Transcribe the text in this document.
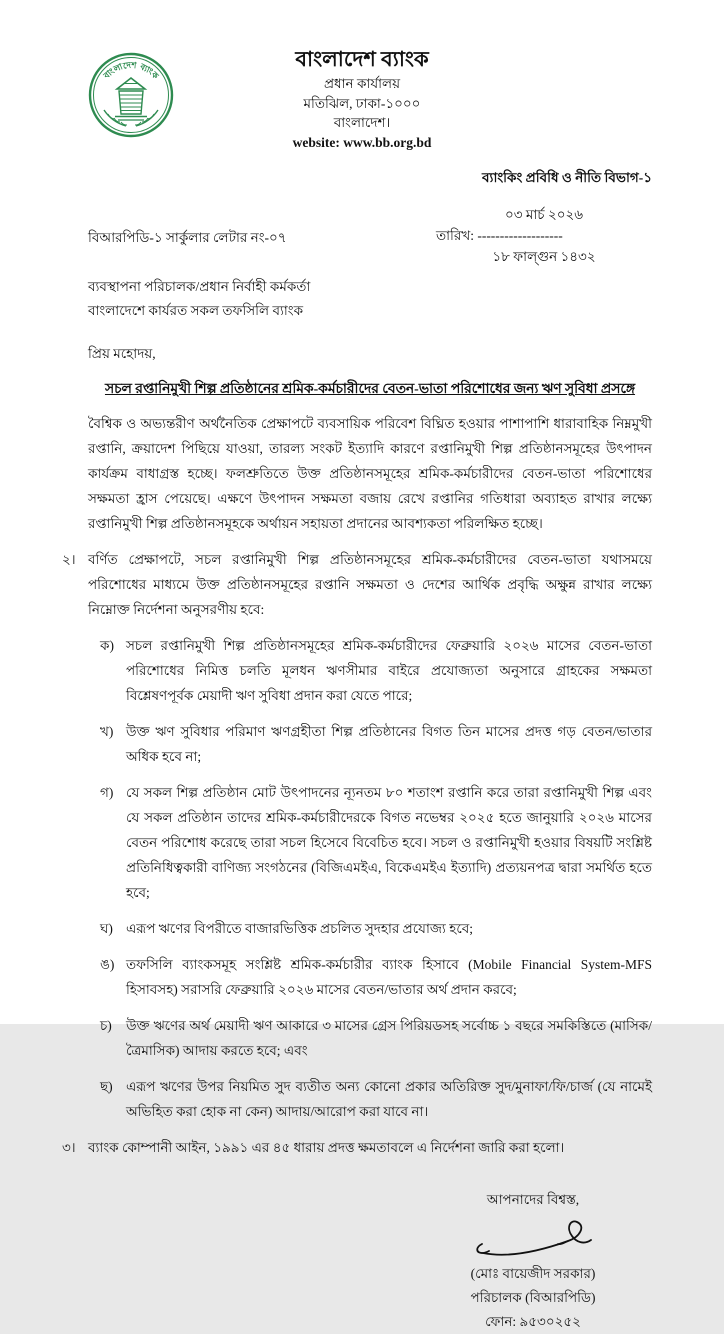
বাংলাদেশ ব্যাংক
বাংলাদেশ ব্যাংক
প্রধান কার্যালয়
মতিঝিল, ঢাকা-১০০০
বাংলাদেশ।
website: www.bb.org.bd
ব্যাংকিং প্রবিধি ও নীতি বিভাগ-১
বিআরপিডি-১ সার্কুলার লেটার নং-০৭
০৩ মার্চ ২০২৬
তারিখ: -------------------
১৮ ফাল্গুন ১৪৩২
ব্যবস্থাপনা পরিচালক/প্রধান নির্বাহী কর্মকর্তা
বাংলাদেশে কার্যরত সকল তফসিলি ব্যাংক
প্রিয় মহোদয়,
সচল রপ্তানিমুখী শিল্প প্রতিষ্ঠানের শ্রমিক-কর্মচারীদের বেতন-ভাতা পরিশোধের জন্য ঋণ সুবিধা প্রসঙ্গে

বৈশ্বিক ও অভ্যন্তরীণ অর্থনৈতিক প্রেক্ষাপটে ব্যবসায়িক পরিবেশ বিঘ্নিত হওয়ার পাশাপাশি ধারাবাহিক নিম্নমুখী রপ্তানি, ক্রয়াদেশ পিছিয়ে যাওয়া, তারল্য সংকট ইত্যাদি কারণে রপ্তানিমুখী শিল্প প্রতিষ্ঠানসমূহের উৎপাদন কার্যক্রম বাধাগ্রস্ত হচ্ছে। ফলশ্রুতিতে উক্ত প্রতিষ্ঠানসমূহের শ্রমিক-কর্মচারীদের বেতন-ভাতা পরিশোধের সক্ষমতা হ্রাস পেয়েছে। এক্ষণে উৎপাদন সক্ষমতা বজায় রেখে রপ্তানির গতিধারা অব্যাহত রাখার লক্ষ্যে রপ্তানিমুখী শিল্প প্রতিষ্ঠানসমূহকে অর্থায়ন সহায়তা প্রদানের আবশ্যকতা পরিলক্ষিত হচ্ছে।

২। বর্ণিত প্রেক্ষাপটে, সচল রপ্তানিমুখী শিল্প প্রতিষ্ঠানসমূহের শ্রমিক-কর্মচারীদের বেতন-ভাতা যথাসময়ে পরিশোধের মাধ্যমে উক্ত প্রতিষ্ঠানসমূহের রপ্তানি সক্ষমতা ও দেশের আর্থিক প্রবৃদ্ধি অক্ষুন্ন রাখার লক্ষ্যে নিম্নোক্ত নির্দেশনা অনুসরণীয় হবে:
ক) সচল রপ্তানিমুখী শিল্প প্রতিষ্ঠানসমূহের শ্রমিক-কর্মচারীদের ফেব্রুয়ারি ২০২৬ মাসের বেতন-ভাতা পরিশোধের নিমিত্ত চলতি মূলধন ঋণসীমার বাইরে প্রযোজ্যতা অনুসারে গ্রাহকের সক্ষমতা বিশ্লেষণপূর্বক মেয়াদী ঋণ সুবিধা প্রদান করা যেতে পারে;
খ) উক্ত ঋণ সুবিধার পরিমাণ ঋণগ্রহীতা শিল্প প্রতিষ্ঠানের বিগত তিন মাসের প্রদত্ত গড় বেতন/ভাতার অধিক হবে না;
গ) যে সকল শিল্প প্রতিষ্ঠান মোট উৎপাদনের ন্যূনতম ৮০ শতাংশ রপ্তানি করে তারা রপ্তানিমুখী শিল্প এবং যে সকল প্রতিষ্ঠান তাদের শ্রমিক-কর্মচারীদেরকে বিগত নভেম্বর ২০২৫ হতে জানুয়ারি ২০২৬ মাসের বেতন পরিশোধ করেছে তারা সচল হিসেবে বিবেচিত হবে। সচল ও রপ্তানিমুখী হওয়ার বিষয়টি সংশ্লিষ্ট প্রতিনিধিত্বকারী বাণিজ্য সংগঠনের (বিজিএমইএ, বিকেএমইএ ইত্যাদি) প্রত্যয়নপত্র দ্বারা সমর্থিত হতে হবে;
ঘ) এরূপ ঋণের বিপরীতে বাজারভিত্তিক প্রচলিত সুদহার প্রযোজ্য হবে;
ঙ) তফসিলি ব্যাংকসমূহ সংশ্লিষ্ট শ্রমিক-কর্মচারীর ব্যাংক হিসাবে (Mobile Financial System-MFS হিসাবসহ) সরাসরি ফেব্রুয়ারি ২০২৬ মাসের বেতন/ভাতার অর্থ প্রদান করবে;
চ)	উক্ত ঋণের অর্থ মেয়াদী ঋণ আকারে ৩ মাসের গ্রেস পিরিয়ডসহ সর্বোচ্চ ১ বছরে সমকিস্তিতে (মাসিক/ত্রৈমাসিক) আদায় করতে হবে; এবং
ছ) এরূপ ঋণের উপর নিয়মিত সুদ ব্যতীত অন্য কোনো প্রকার অতিরিক্ত সুদ/মুনাফা/ফি/চার্জ (যে নামেই অভিহিত করা হোক না কেন) আদায়/আরোপ করা যাবে না।
৩। ব্যাংক কোম্পানী আইন, ১৯৯১ এর ৪৫ ধারায় প্রদত্ত ক্ষমতাবলে এ নির্দেশনা জারি করা হলো।
আপনাদের বিশ্বস্ত,
(মোঃ বায়েজীদ সরকার)
পরিচালক (বিআরপিডি)
ফোন: ৯৫৩০২৫২
